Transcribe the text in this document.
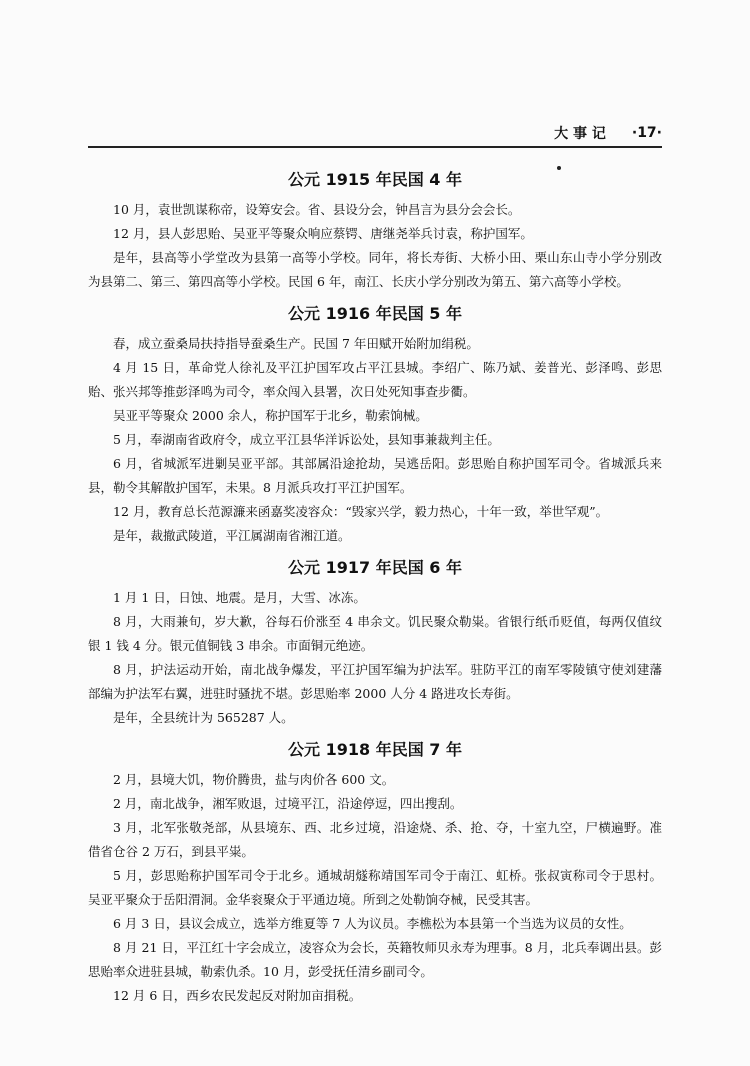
大 事 记 ·17·
公元 1915 年民国 4 年

10 月，袁世凯谋称帝，设筹安会。省、县设分会，钟昌言为县分会会长。

12 月，县人彭思贻、吴亚平等聚众响应蔡锷、唐继尧举兵讨袁，称护国军。

是年，县高等小学堂改为县第一高等小学校。同年，将长寿街、大桥小田、栗山东山寺小学分别改为县第二、第三、第四高等小学校。民国 6 年，南江、长庆小学分别改为第五、第六高等小学校。

公元 1916 年民国 5 年

春，成立蚕桑局扶持指导蚕桑生产。民国 7 年田赋开始附加绢税。

4 月 15 日，革命党人徐礼及平江护国军攻占平江县城。李绍广、陈乃斌、姜普光、彭泽鸣、彭思贻、张兴邦等推彭泽鸣为司令，率众闯入县署，次日处死知事查步衢。

吴亚平等聚众 2000 余人，称护国军于北乡，勒索饷械。

5 月，奉湖南省政府令，成立平江县华洋诉讼处，县知事兼裁判主任。

6 月，省城派军进剿吴亚平部。其部属沿途抢劫，吴逃岳阳。彭思贻自称护国军司令。省城派兵来县，勒令其解散护国军，未果。8 月派兵攻打平江护国军。

12 月，教育总长范源濂来函嘉奖凌容众：“毁家兴学，毅力热心，十年一致，举世罕观”。

是年，裁撤武陵道，平江属湖南省湘江道。

公元 1917 年民国 6 年

1 月 1 日，日蚀、地震。是月，大雪、冰冻。

8 月，大雨兼旬，岁大歉，谷每石价涨至 4 串余文。饥民聚众勒粜。省银行纸币贬值，每两仅值纹银 1 钱 4 分。银元值铜钱 3 串余。市面铜元绝迹。

8 月，护法运动开始，南北战争爆发，平江护国军编为护法军。驻防平江的南军零陵镇守使刘建藩部编为护法军右翼，进驻时骚扰不堪。彭思贻率 2000 人分 4 路进攻长寿街。

是年，全县统计为 565287 人。

公元 1918 年民国 7 年

2 月，县境大饥，物价腾贵，盐与肉价各 600 文。

2 月，南北战争，湘军败退，过境平江，沿途停逗，四出搜刮。

3 月，北军张敬尧部，从县境东、西、北乡过境，沿途烧、杀、抢、夺，十室九空，尸横遍野。准借省仓谷 2 万石，到县平粜。

5 月，彭思贻称护国军司令于北乡。通城胡燧称靖国军司令于南江、虹桥。张叔寅称司令于思村。吴亚平聚众于岳阳渭洞。金华衮聚众于平通边境。所到之处勒饷夺械，民受其害。

6 月 3 日，县议会成立，选举方维夏等 7 人为议员。李樵松为本县第一个当选为议员的女性。

8 月 21 日，平江红十字会成立，凌容众为会长，英籍牧师贝永寿为理事。8 月，北兵奉调出县。彭思贻率众进驻县城，勒索仇杀。10 月，彭受抚任清乡副司令。

12 月 6 日，西乡农民发起反对附加亩捐税。
